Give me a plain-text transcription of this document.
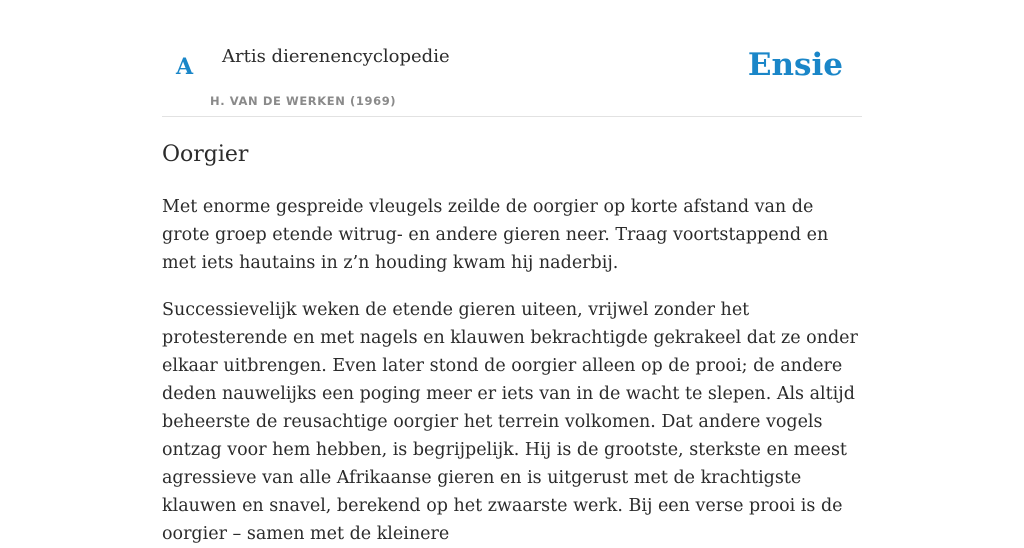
A Artis dierenencyclopedie
H. VAN DE WERKEN (1969)
Ensie
Oorgier

Met enorme gespreide vleugels zeilde de oorgier op korte afstand van de grote groep etende witrug- en andere gieren neer. Traag voortstappend en met iets hautains in z’n houding kwam hij naderbij.

Successievelijk weken de etende gieren uiteen, vrijwel zonder het protesterende en met nagels en klauwen bekrachtigde gekrakeel dat ze onder elkaar uitbrengen. Even later stond de oorgier alleen op de prooi; de andere deden nauwelijks een poging meer er iets van in de wacht te slepen. Als altijd beheerste de reusachtige oorgier het terrein volkomen. Dat andere vogels ontzag voor hem hebben, is begrijpelijk. Hij is de grootste, sterkste en meest agressieve van alle Afrikaanse gieren en is uitgerust met de krachtigste klauwen en snavel, berekend op het zwaarste werk. Bij een verse prooi is de oorgier – samen met de kleinere
